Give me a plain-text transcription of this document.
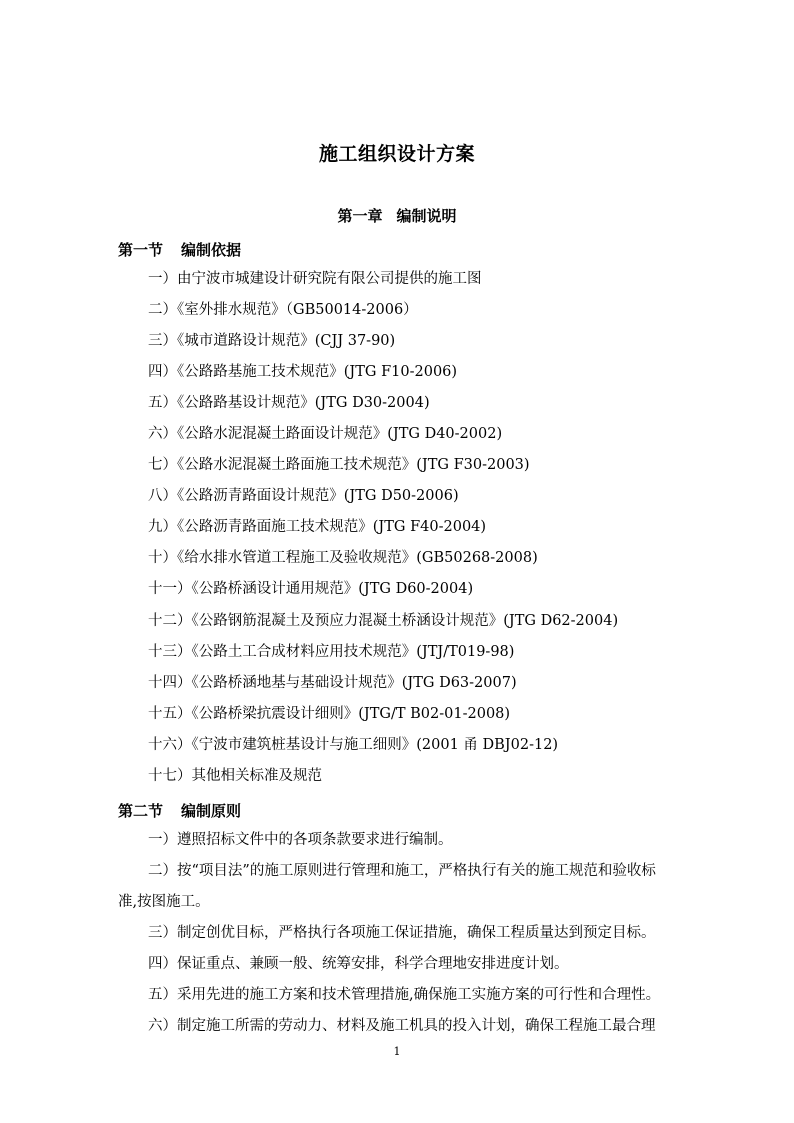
施工组织设计方案
第一章 编制说明
第一节 编制依据
一）由宁波市城建设计研究院有限公司提供的施工图
二）《室外排水规范》（GB50014-2006）
三）《城市道路设计规范》(CJJ 37-90)
四）《公路路基施工技术规范》(JTG F10-2006)
五）《公路路基设计规范》(JTG D30-2004)
六）《公路水泥混凝土路面设计规范》(JTG D40-2002)
七）《公路水泥混凝土路面施工技术规范》(JTG F30-2003)
八）《公路沥青路面设计规范》(JTG D50-2006)
九）《公路沥青路面施工技术规范》(JTG F40-2004)
十）《给水排水管道工程施工及验收规范》(GB50268-2008)
十一）《公路桥涵设计通用规范》(JTG D60-2004)
十二）《公路钢筋混凝土及预应力混凝土桥涵设计规范》(JTG D62-2004)
十三）《公路土工合成材料应用技术规范》(JTJ/T019-98)
十四）《公路桥涵地基与基础设计规范》(JTG D63-2007)
十五）《公路桥梁抗震设计细则》(JTG/T B02-01-2008)
十六）《宁波市建筑桩基设计与施工细则》(2001 甬 DBJ02-12)
十七）其他相关标准及规范
第二节 编制原则
一）遵照招标文件中的各项条款要求进行编制。
二）按“项目法”的施工原则进行管理和施工，严格执行有关的施工规范和验收标
准,按图施工。
三）制定创优目标，严格执行各项施工保证措施，确保工程质量达到预定目标。
四）保证重点、兼顾一般、统筹安排，科学合理地安排进度计划。
五）采用先进的施工方案和技术管理措施,确保施工实施方案的可行性和合理性。
六）制定施工所需的劳动力、材料及施工机具的投入计划，确保工程施工最合理
1
